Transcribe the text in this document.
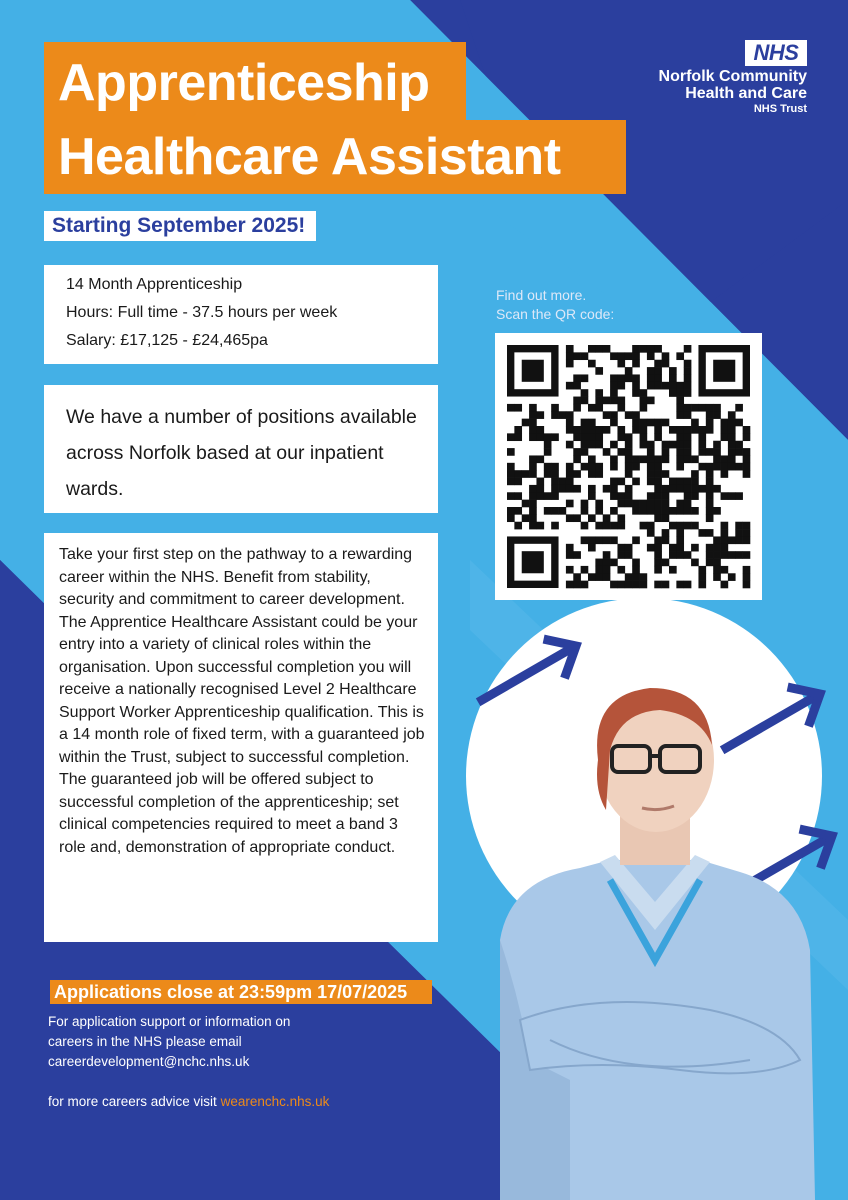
Apprenticeship
Healthcare Assistant
Starting September 2025!
NHS
Norfolk Community
Health and Care
NHS Trust
14 Month Apprenticeship
Hours: Full time - 37.5 hours per week
Salary: £17,125 - £24,465pa
We have a number of positions available across Norfolk based at our inpatient wards.
Take your first step on the pathway to a rewarding career within the NHS. Benefit from stability, security and commitment to career development. The Apprentice Healthcare Assistant could be your entry into a variety of clinical roles within the organisation. Upon successful completion you will receive a nationally recognised Level 2 Healthcare Support Worker Apprenticeship qualification. This is a 14 month role of fixed term, with a guaranteed job within the Trust, subject to successful completion. The guaranteed job will be offered subject to successful completion of the apprenticeship; set clinical competencies required to meet a band 3 role and, demonstration of appropriate conduct.
Find out more.
Scan the QR code:
Applications close at 23:59pm 17/07/2025
For application support or information on
careers in the NHS please email
careerdevelopment@nchc.nhs.uk
for more careers advice visit wearenchc.nhs.uk
